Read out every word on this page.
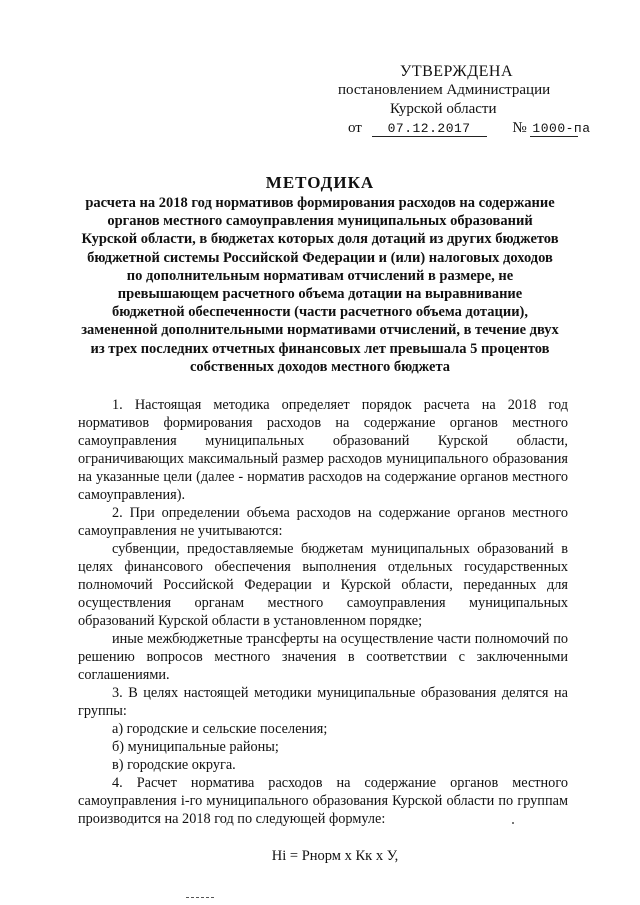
УТВЕРЖДЕНА
постановлением Администрации
Курской области
от 07.12.2017	№ 1000-па
МЕТОДИКА
расчета на 2018 год нормативов формирования расходов на содержание органов местного самоуправления муниципальных образований Курской области, в бюджетах которых доля дотаций из других бюджетов бюджетной системы Российской Федерации и (или) налоговых доходов по дополнительным нормативам отчислений в размере, не превышающем расчетного объема дотации на выравнивание бюджетной обеспеченности (части расчетного объема дотации), замененной дополнительными нормативами отчислений, в течение двух из трех последних отчетных финансовых лет превышала 5 процентов собственных доходов местного бюджета

1. Настоящая методика определяет порядок расчета на 2018 год нормативов формирования расходов на содержание органов местного самоуправления муниципальных образований Курской области, ограничивающих максимальный размер расходов муниципального образования на указанные цели (далее - норматив расходов на содержание органов местного самоуправления).

2. При определении объема расходов на содержание органов местного самоуправления не учитываются:

субвенции, предоставляемые бюджетам муниципальных образований в целях финансового обеспечения выполнения отдельных государственных полномочий Российской Федерации и Курской области, переданных для осуществления органам местного самоуправления муниципальных образований Курской области в установленном порядке;

иные межбюджетные трансферты на осуществление части полномочий по решению вопросов местного значения в соответствии с заключенными соглашениями.

3. В целях настоящей методики муниципальные образования делятся на группы:

а) городские и сельские поселения;

б) муниципальные районы;

в) городские округа.

4. Расчет норматива расходов на содержание органов местного самоуправления i-го муниципального образования Курской области по группам производится на 2018 год по следующей формуле:

Нi = Рнорм х Кк х У,
